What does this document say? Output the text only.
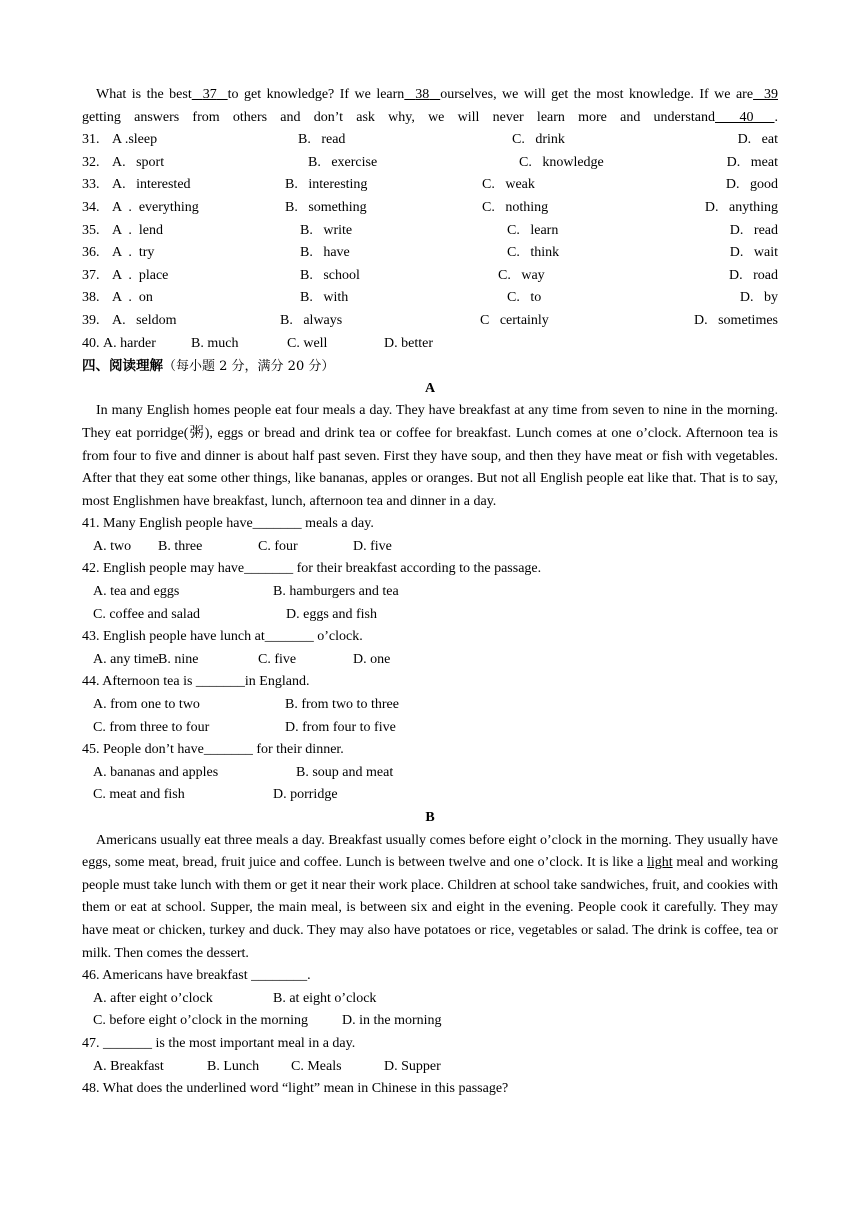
What is the best 37 to get knowledge? If we learn 38 ourselves, we will get the most knowledge. If we are 39
getting answers from others and don’t ask why, we will never learn more and understand	40	.
31. A .sleep	B.   read	C.   drink	D.   eat
32. A.   sport	B.   exercise	C.   knowledge	D.   meat
33. A.   interested	B.   interesting	C.   weak	D.   good
34. A  .  everything	B.   something	C.   nothing	D.   anything
35. A  .  lend	B.   write	C.   learn	D.   read
36. A  .  try	B.   have	C.   think	D.   wait
37. A  .  place	B.   school	C.   way	D.   road
38. A  .  on	B.   with	C.   to	D.   by
39. A.   seldom	B.   always	C   certainly	D.   sometimes
40. A. harder	B. much	C. well	D. better
四、阅读理解（每小题 2 分，满分 20 分）
A
In many English homes people eat four meals a day. They have breakfast at any time from seven to nine in the morning. They eat porridge(粥), eggs or bread and drink tea or coffee for breakfast. Lunch comes at one o’clock. Afternoon tea is from four to five and dinner is about half past seven. First they have soup, and then they have meat or fish with vegetables. After that they eat some other things, like bananas, apples or oranges. But not all English people eat like that. That is to say, most Englishmen have breakfast, lunch, afternoon tea and dinner in a day.
41. Many English people have_______ meals a day.
A. two B. three	C. four	D. five
42. English people may have_______ for their breakfast according to the passage.
A. tea and eggs	B. hamburgers and tea
C. coffee and salad	D. eggs and fish
43. English people have lunch at_______ o’clock.
A. any timeB. nine	C. five	D. one
44. Afternoon tea is _______in England.
A. from one to two	B. from two to three
C. from three to four	D. from four to five
45. People don’t have_______ for their dinner.
A. bananas and apples	B. soup and meat
C. meat and fish	D. porridge
B
Americans usually eat three meals a day. Breakfast usually comes before eight o’clock in the morning. They usually have eggs, some meat, bread, fruit juice and coffee. Lunch is between twelve and one o’clock. It is like a light meal and working people must take lunch with them or get it near their work place. Children at school take sandwiches, fruit, and cookies with them or eat at school. Supper, the main meal, is between six and eight in the evening. People cook it carefully. They may have meat or chicken, turkey and duck. They may also have potatoes or rice, vegetables or salad. The drink is coffee, tea or milk. Then comes the dessert.
46. Americans have breakfast ________.
A. after eight o’clock	B. at eight o’clock
C. before eight o’clock in the morning D. in the morning
47. _______ is the most important meal in a day.
A. Breakfast	B. Lunch C. Meals	D. Supper
48. What does the underlined word “light” mean in Chinese in this passage?
